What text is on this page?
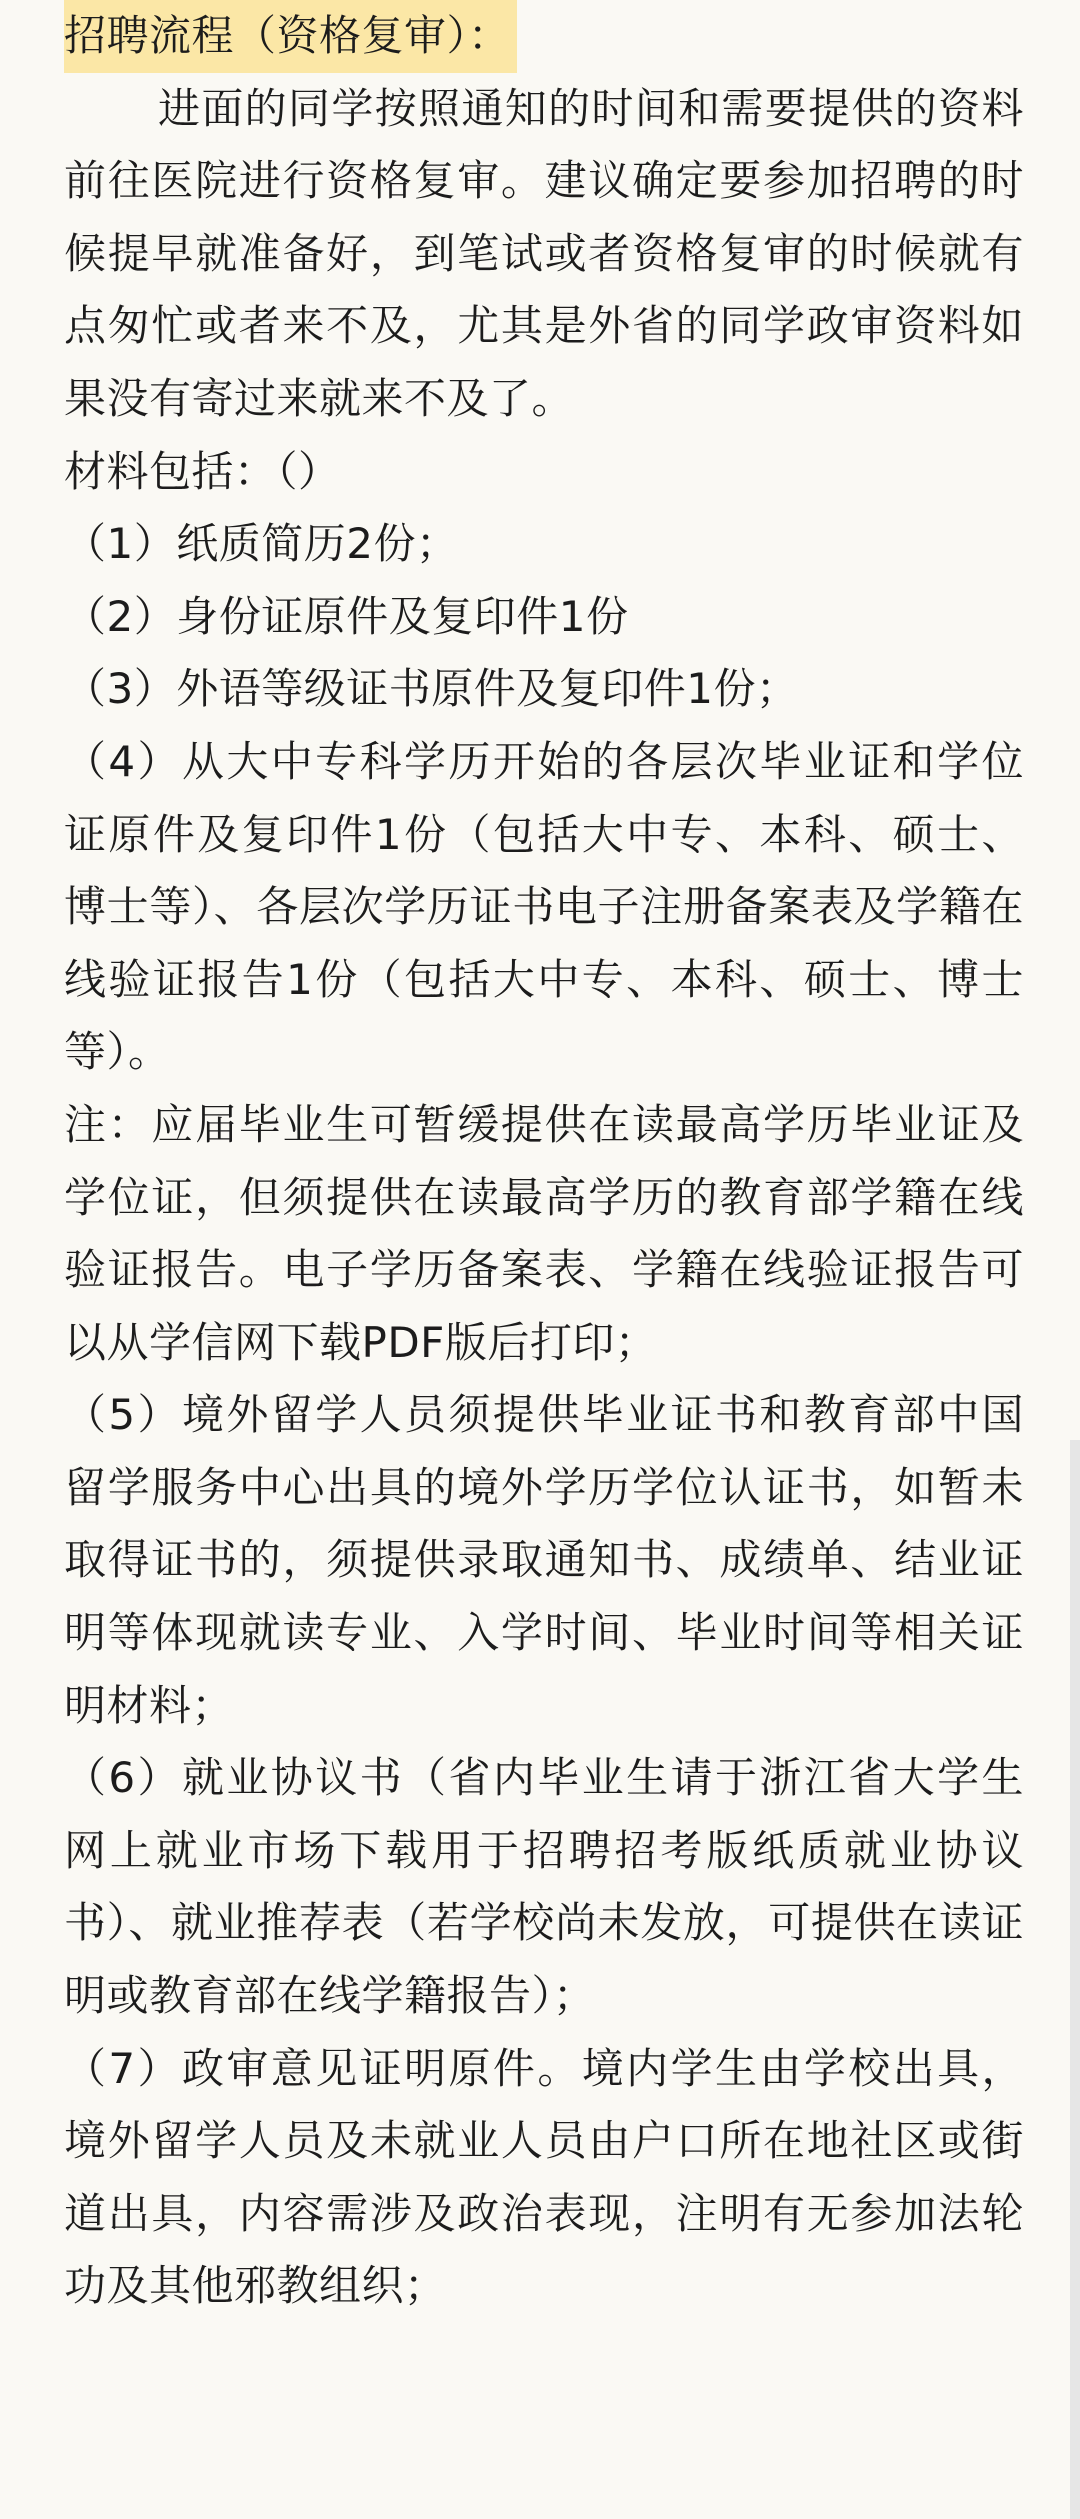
招聘流程（资格复审）：

进面的同学按照通知的时间和需要提供的资料前往医院进行资格复审。建议确定要参加招聘的时候提早就准备好，到笔试或者资格复审的时候就有点匆忙或者来不及，尤其是外省的同学政审资料如果没有寄过来就来不及了。

材料包括：（）

（1）纸质简历2份；

（2）身份证原件及复印件1份

（3）外语等级证书原件及复印件1份；

（4）从大中专科学历开始的各层次毕业证和学位证原件及复印件1份（包括大中专、本科、硕士、博士等）、各层次学历证书电子注册备案表及学籍在线验证报告1份（包括大中专、本科、硕士、博士等）。

注：应届毕业生可暂缓提供在读最高学历毕业证及学位证，但须提供在读最高学历的教育部学籍在线验证报告。电子学历备案表、学籍在线验证报告可以从学信网下载PDF版后打印；

（5）境外留学人员须提供毕业证书和教育部中国留学服务中心出具的境外学历学位认证书，如暂未取得证书的，须提供录取通知书、成绩单、结业证明等体现就读专业、入学时间、毕业时间等相关证明材料；

（6）就业协议书（省内毕业生请于浙江省大学生网上就业市场下载用于招聘招考版纸质就业协议书）、就业推荐表（若学校尚未发放，可提供在读证明或教育部在线学籍报告）；

（7）政审意见证明原件。境内学生由学校出具，境外留学人员及未就业人员由户口所在地社区或街道出具，内容需涉及政治表现，注明有无参加法轮功及其他邪教组织；
